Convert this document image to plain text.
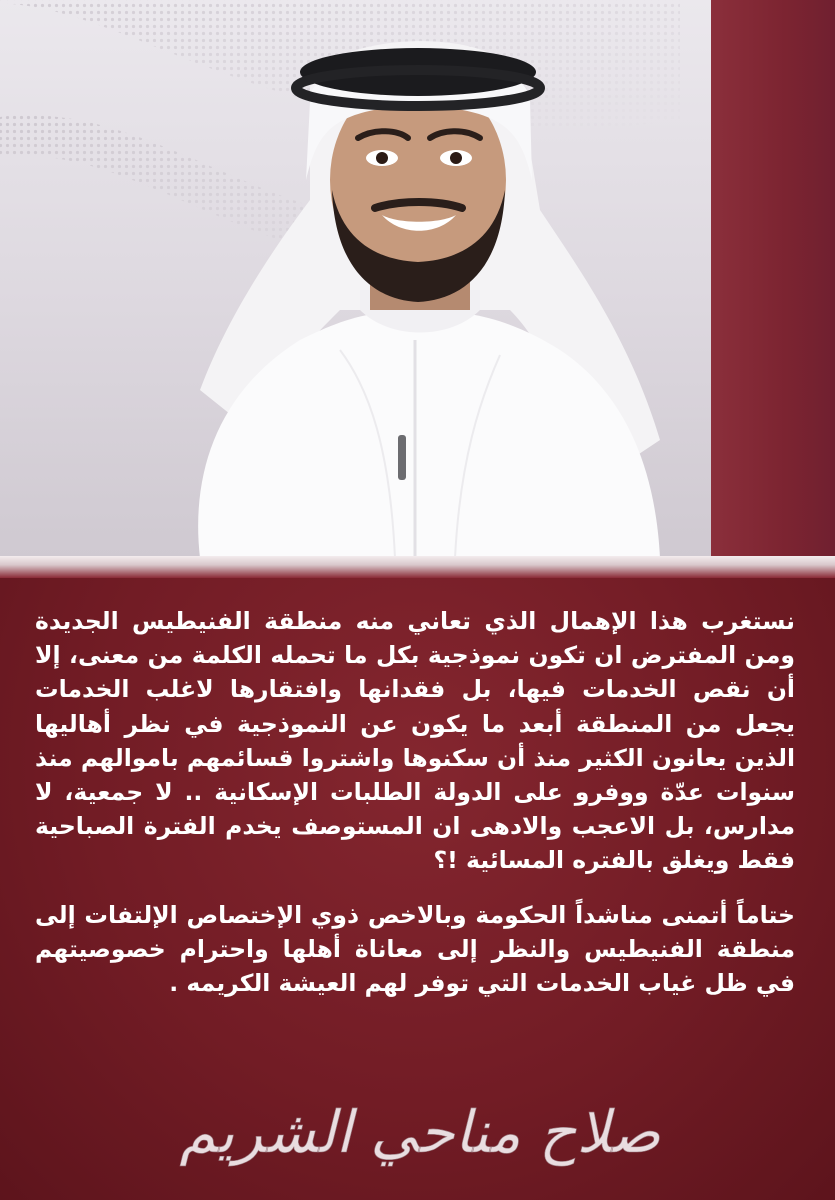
نستغرب هذا الإهمال الذي تعاني منه منطقة الفنيطيس الجديدة ومن المفترض ان تكون نموذجية بكل ما تحمله الكلمة من معنى، إلا أن نقص الخدمات فيها، بل فقدانها وافتقارها لاغلب الخدمات يجعل من المنطقة أبعد ما يكون عن النموذجية في نظر أهاليها الذين يعانون الكثير منذ أن سكنوها واشتروا قسائمهم باموالهم منذ سنوات عدّة ووفرو على الدولة الطلبات الإسكانية .. لا جمعية، لا مدارس، بل الاعجب والادهى ان المستوصف يخدم الفترة الصباحية فقط ويغلق بالفتره المسائية !؟

ختاماً أتمنى مناشداً الحكومة وبالاخص ذوي الإختصاص الإلتفات إلى منطقة الفنيطيس والنظر إلى معاناة أهلها واحترام خصوصيتهم في ظل غياب الخدمات التي توفر لهم العيشة الكريمه .

صلاح مناحي الشريم
